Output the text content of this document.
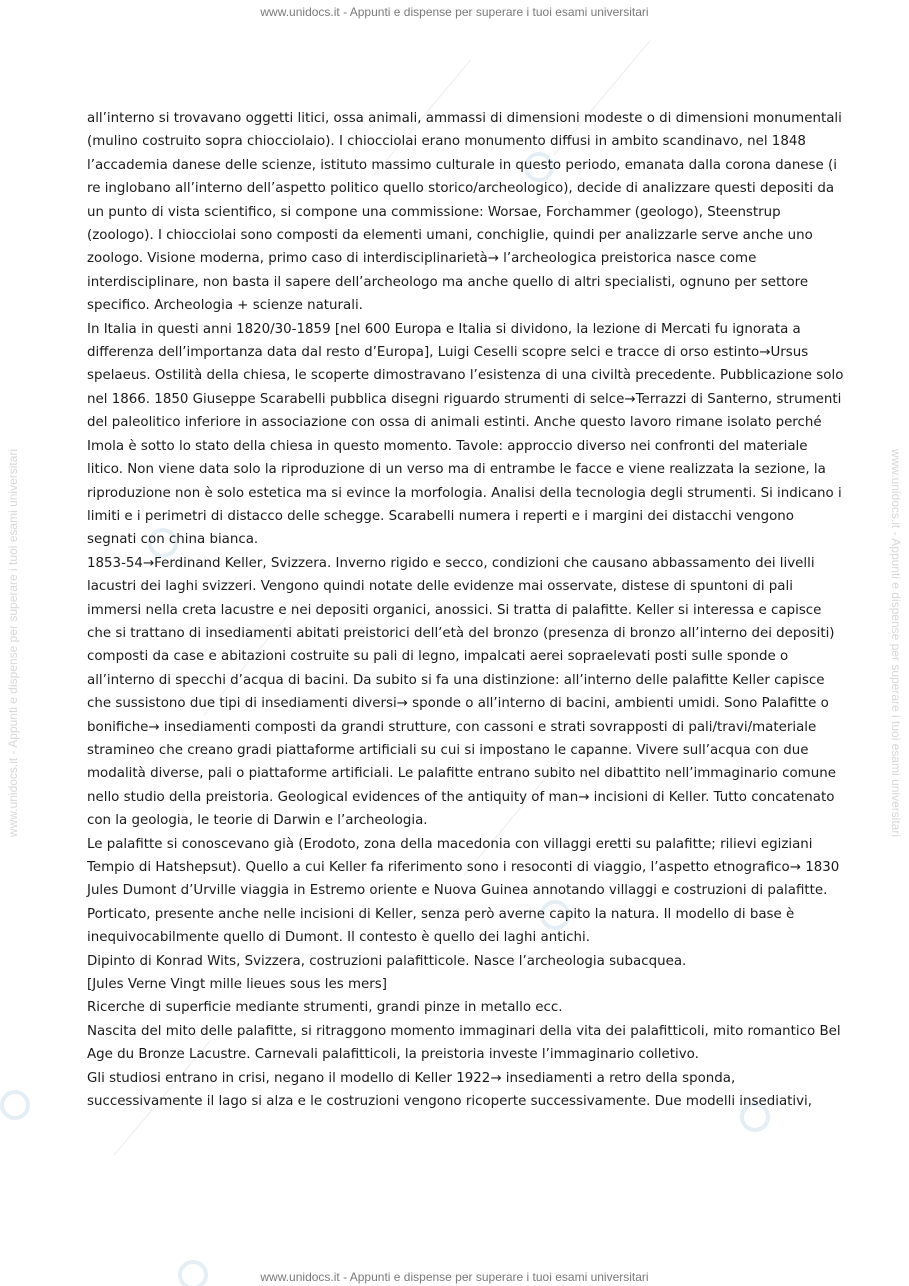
www.unidocs.it - Appunti e dispense per superare i tuoi esami universitari
www.unidocs.it - Appunti e dispense per superare i tuoi esami universitari	www.unidocs.it - Appunti e dispense per superare i tuoi esami universitari

all’interno si trovavano oggetti litici, ossa animali, ammassi di dimensioni modeste o di dimensioni monumentali (mulino costruito sopra chiocciolaio). I chiocciolai erano monumento diffusi in ambito scandinavo, nel 1848 l’accademia danese delle scienze, istituto massimo culturale in questo periodo, emanata dalla corona danese (i re inglobano all’interno dell’aspetto politico quello storico/archeologico), decide di analizzare questi depositi da un punto di vista scientifico, si compone una commissione: Worsae, Forchammer (geologo), Steenstrup (zoologo). I chiocciolai sono composti da elementi umani, conchiglie, quindi per analizzarle serve anche uno zoologo. Visione moderna, primo caso di interdisciplinarietà→ l’archeologica preistorica nasce come interdisciplinare, non basta il sapere dell’archeologo ma anche quello di altri specialisti, ognuno per settore specifico. Archeologia + scienze naturali.

In Italia in questi anni 1820/30-1859 [nel 600 Europa e Italia si dividono, la lezione di Mercati fu ignorata a differenza dell’importanza data dal resto d’Europa], Luigi Ceselli scopre selci e tracce di orso estinto→Ursus spelaeus. Ostilità della chiesa, le scoperte dimostravano l’esistenza di una civiltà precedente. Pubblicazione solo nel 1866. 1850 Giuseppe Scarabelli pubblica disegni riguardo strumenti di selce→Terrazzi di Santerno, strumenti del paleolitico inferiore in associazione con ossa di animali estinti. Anche questo lavoro rimane isolato perché Imola è sotto lo stato della chiesa in questo momento. Tavole: approccio diverso nei confronti del materiale litico. Non viene data solo la riproduzione di un verso ma di entrambe le facce e viene realizzata la sezione, la riproduzione non è solo estetica ma si evince la morfologia. Analisi della tecnologia degli strumenti. Si indicano i limiti e i perimetri di distacco delle schegge. Scarabelli numera i reperti e i margini dei distacchi vengono segnati con china bianca.

1853-54→Ferdinand Keller, Svizzera. Inverno rigido e secco, condizioni che causano abbassamento dei livelli lacustri dei laghi svizzeri. Vengono quindi notate delle evidenze mai osservate, distese di spuntoni di pali immersi nella creta lacustre e nei depositi organici, anossici. Si tratta di palafitte. Keller si interessa e capisce che si trattano di insediamenti abitati preistorici dell’età del bronzo (presenza di bronzo all’interno dei depositi) composti da case e abitazioni costruite su pali di legno, impalcati aerei sopraelevati posti sulle sponde o all’interno di specchi d’acqua di bacini. Da subito si fa una distinzione: all’interno delle palafitte Keller capisce che sussistono due tipi di insediamenti diversi→ sponde o all’interno di bacini, ambienti umidi. Sono Palafitte o bonifiche→ insediamenti composti da grandi strutture, con cassoni e strati sovrapposti di pali/travi/materiale stramineo che creano gradi piattaforme artificiali su cui si impostano le capanne. Vivere sull’acqua con due modalità diverse, pali o piattaforme artificiali. Le palafitte entrano subito nel dibattito nell’immaginario comune nello studio della preistoria. Geological evidences of the antiquity of man→ incisioni di Keller. Tutto concatenato con la geologia, le teorie di Darwin e l’archeologia.

Le palafitte si conoscevano già (Erodoto, zona della macedonia con villaggi eretti su palafitte; rilievi egiziani Tempio di Hatshepsut). Quello a cui Keller fa riferimento sono i resoconti di viaggio, l’aspetto etnografico→ 1830 Jules Dumont d’Urville viaggia in Estremo oriente e Nuova Guinea annotando villaggi e costruzioni di palafitte. Porticato, presente anche nelle incisioni di Keller, senza però averne capito la natura. Il modello di base è inequivocabilmente quello di Dumont. Il contesto è quello dei laghi antichi.

Dipinto di Konrad Wits, Svizzera, costruzioni palafitticole. Nasce l’archeologia subacquea.

[Jules Verne Vingt mille lieues sous les mers]

Ricerche di superficie mediante strumenti, grandi pinze in metallo ecc.

Nascita del mito delle palafitte, si ritraggono momento immaginari della vita dei palafitticoli, mito romantico Bel Age du Bronze Lacustre. Carnevali palafitticoli, la preistoria investe l’immaginario colletivo.

Gli studiosi entrano in crisi, negano il modello di Keller 1922→ insediamenti a retro della sponda, successivamente il lago si alza e le costruzioni vengono ricoperte successivamente. Due modelli insediativi,

www.unidocs.it - Appunti e dispense per superare i tuoi esami universitari
